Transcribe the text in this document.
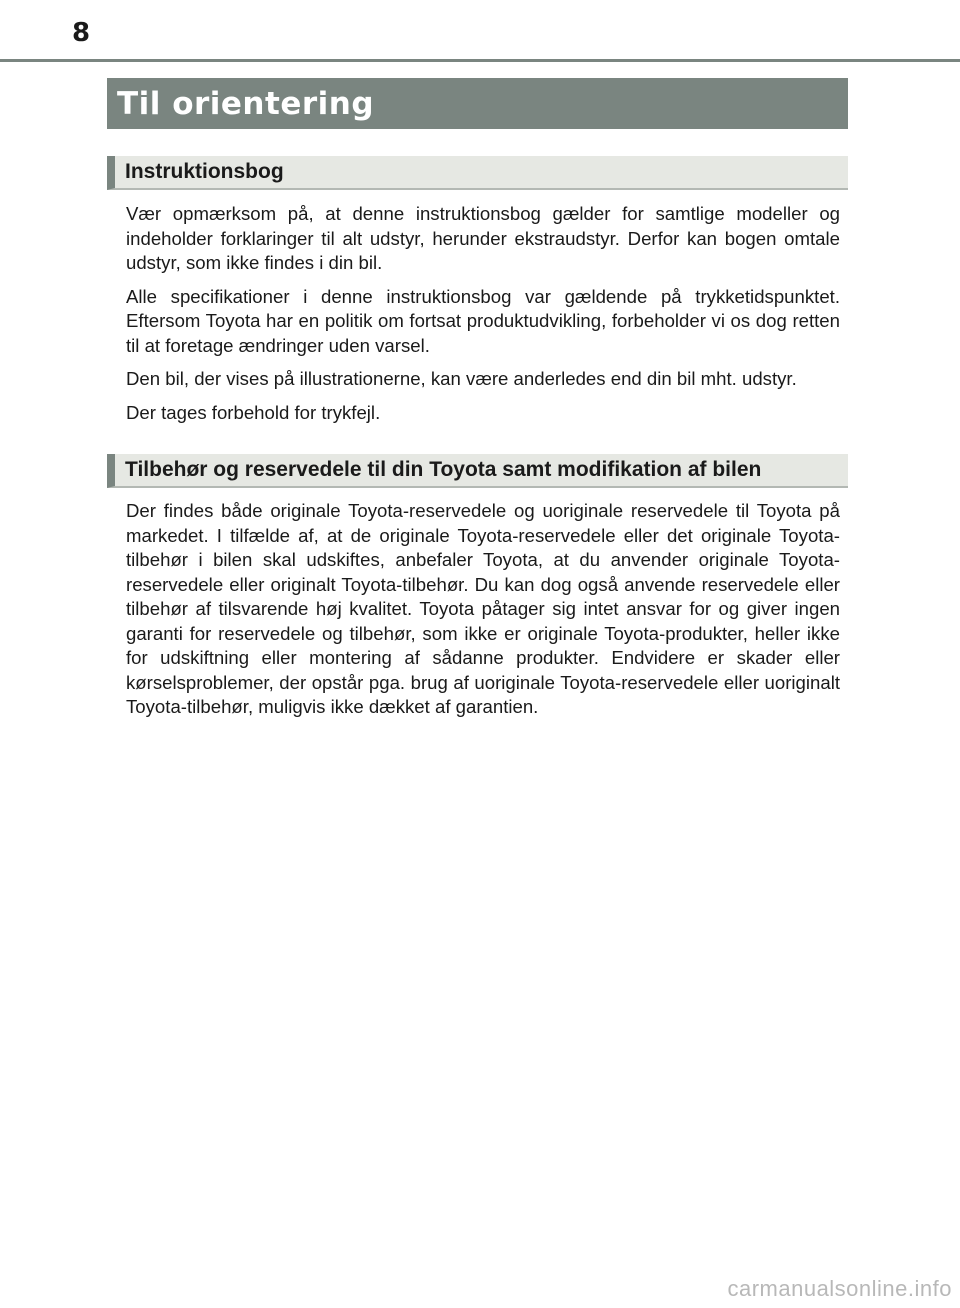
8
Til orientering
Instruktionsbog

Vær opmærksom på, at denne instruktionsbog gælder for samtlige modeller og indeholder forklaringer til alt udstyr, herunder ekstraudstyr. Derfor kan bogen omtale udstyr, som ikke findes i din bil.

Alle specifikationer i denne instruktionsbog var gældende på trykketidspunktet. Eftersom Toyota har en politik om fortsat produktudvikling, forbeholder vi os dog retten til at foretage ændringer uden varsel.

Den bil, der vises på illustrationerne, kan være anderledes end din bil mht. udstyr.

Der tages forbehold for trykfejl.

Tilbehør og reservedele til din Toyota samt modifikation af bilen

Der findes både originale Toyota-reservedele og uoriginale reservedele til Toyota på markedet. I tilfælde af, at de originale Toyota-reservedele eller det originale Toyota-tilbehør i bilen skal udskiftes, anbefaler Toyota, at du anvender originale Toyota-reservedele eller originalt Toyota-tilbehør. Du kan dog også anvende reservedele eller tilbehør af tilsvarende høj kvalitet. Toyota påtager sig intet ansvar for og giver ingen garanti for reservedele og tilbehør, som ikke er originale Toyota-produkter, heller ikke for udskiftning eller montering af sådanne produkter. Endvidere er skader eller kørselsproblemer, der opstår pga. brug af uoriginale Toyota-reservedele eller uoriginalt Toyota-tilbehør, muligvis ikke dækket af garantien.

carmanualsonline.info
